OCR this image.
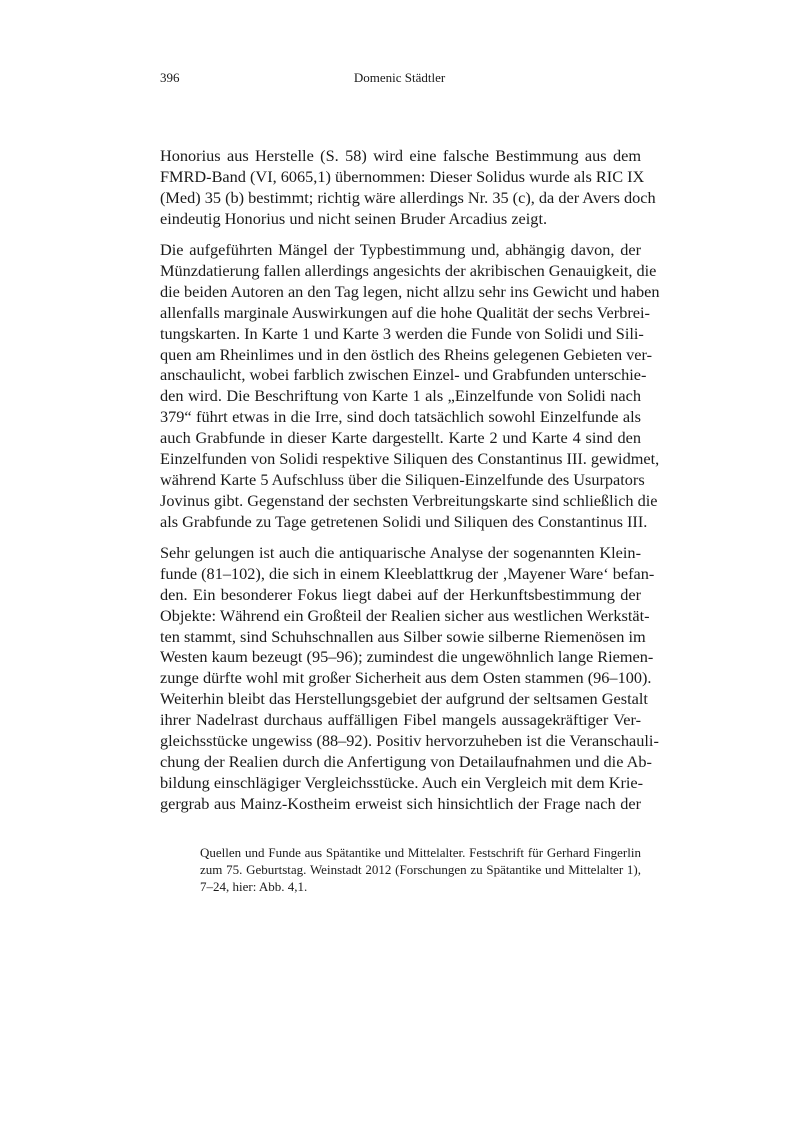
396	Domenic Städtler
Honorius aus Herstelle (S. 58) wird eine falsche Bestimmung aus dem
FMRD-Band (VI, 6065,1) übernommen: Dieser Solidus wurde als RIC IX
(Med) 35 (b) bestimmt; richtig wäre allerdings Nr. 35 (c), da der Avers doch
eindeutig Honorius und nicht seinen Bruder Arcadius zeigt.
Die aufgeführten Mängel der Typbestimmung und, abhängig davon, der
Münzdatierung fallen allerdings angesichts der akribischen Genauigkeit, die
die beiden Autoren an den Tag legen, nicht allzu sehr ins Gewicht und haben
allenfalls marginale Auswirkungen auf die hohe Qualität der sechs Verbrei-
tungskarten. In Karte 1 und Karte 3 werden die Funde von Solidi und Sili-
quen am Rheinlimes und in den östlich des Rheins gelegenen Gebieten ver-
anschaulicht, wobei farblich zwischen Einzel- und Grabfunden unterschie-
den wird. Die Beschriftung von Karte 1 als „Einzelfunde von Solidi nach
379“ führt etwas in die Irre, sind doch tatsächlich sowohl Einzelfunde als
auch Grabfunde in dieser Karte dargestellt. Karte 2 und Karte 4 sind den
Einzelfunden von Solidi respektive Siliquen des Constantinus III. gewidmet,
während Karte 5 Aufschluss über die Siliquen-Einzelfunde des Usurpators
Jovinus gibt. Gegenstand der sechsten Verbreitungskarte sind schließlich die
als Grabfunde zu Tage getretenen Solidi und Siliquen des Constantinus III.
Sehr gelungen ist auch die antiquarische Analyse der sogenannten Klein-
funde (81–102), die sich in einem Kleeblattkrug der ‚Mayener Ware‘ befan-
den. Ein besonderer Fokus liegt dabei auf der Herkunftsbestimmung der
Objekte: Während ein Großteil der Realien sicher aus westlichen Werkstät-
ten stammt, sind Schuhschnallen aus Silber sowie silberne Riemenösen im
Westen kaum bezeugt (95–96); zumindest die ungewöhnlich lange Riemen-
zunge dürfte wohl mit großer Sicherheit aus dem Osten stammen (96–100).
Weiterhin bleibt das Herstellungsgebiet der aufgrund der seltsamen Gestalt
ihrer Nadelrast durchaus auffälligen Fibel mangels aussagekräftiger Ver-
gleichsstücke ungewiss (88–92). Positiv hervorzuheben ist die Veranschauli-
chung der Realien durch die Anfertigung von Detailaufnahmen und die Ab-
bildung einschlägiger Vergleichsstücke. Auch ein Vergleich mit dem Krie-
gergrab aus Mainz-Kostheim erweist sich hinsichtlich der Frage nach der
Quellen und Funde aus Spätantike und Mittelalter. Festschrift für Gerhard Fingerlin
zum 75. Geburtstag. Weinstadt 2012 (Forschungen zu Spätantike und Mittelalter 1),
7–24, hier: Abb. 4,1.
